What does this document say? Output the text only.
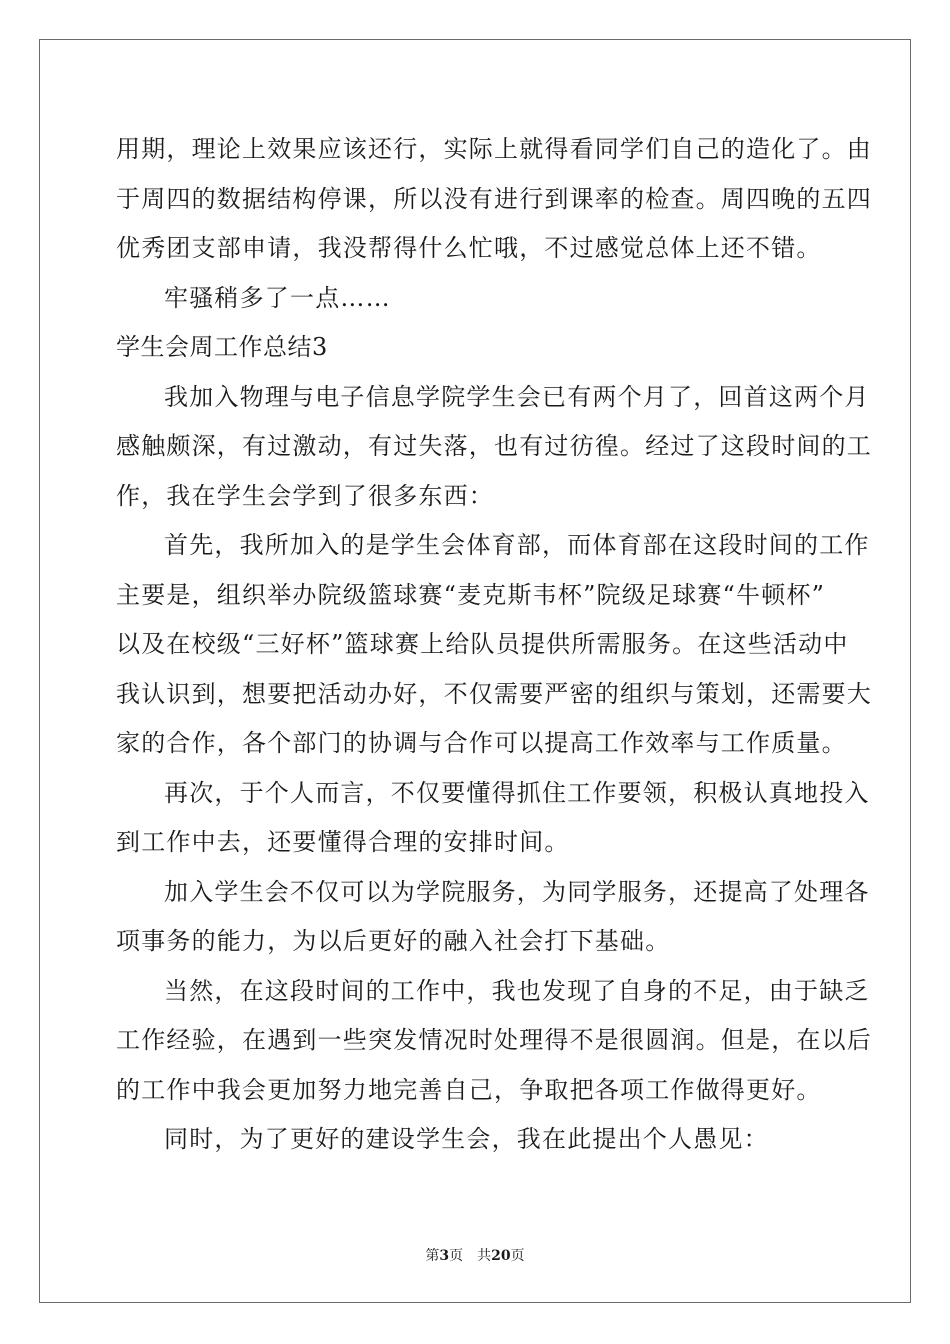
用期，理论上效果应该还行，实际上就得看同学们自己的造化了。由
于周四的数据结构停课，所以没有进行到课率的检查。周四晚的五四
优秀团支部申请，我没帮得什么忙哦，不过感觉总体上还不错。
牢骚稍多了一点……
学生会周工作总结3
我加入物理与电子信息学院学生会已有两个月了，回首这两个月
感触颇深，有过激动，有过失落，也有过彷徨。经过了这段时间的工
作，我在学生会学到了很多东西：
首先，我所加入的是学生会体育部，而体育部在这段时间的工作
主要是，组织举办院级篮球赛“麦克斯韦杯”院级足球赛“牛顿杯”
以及在校级“三好杯”篮球赛上给队员提供所需服务。在这些活动中
我认识到，想要把活动办好，不仅需要严密的组织与策划，还需要大
家的合作，各个部门的协调与合作可以提高工作效率与工作质量。
再次，于个人而言，不仅要懂得抓住工作要领，积极认真地投入
到工作中去，还要懂得合理的安排时间。
加入学生会不仅可以为学院服务，为同学服务，还提高了处理各
项事务的能力，为以后更好的融入社会打下基础。
当然，在这段时间的工作中，我也发现了自身的不足，由于缺乏
工作经验，在遇到一些突发情况时处理得不是很圆润。但是，在以后
的工作中我会更加努力地完善自己，争取把各项工作做得更好。
同时，为了更好的建设学生会，我在此提出个人愚见：
第3页 共20页
